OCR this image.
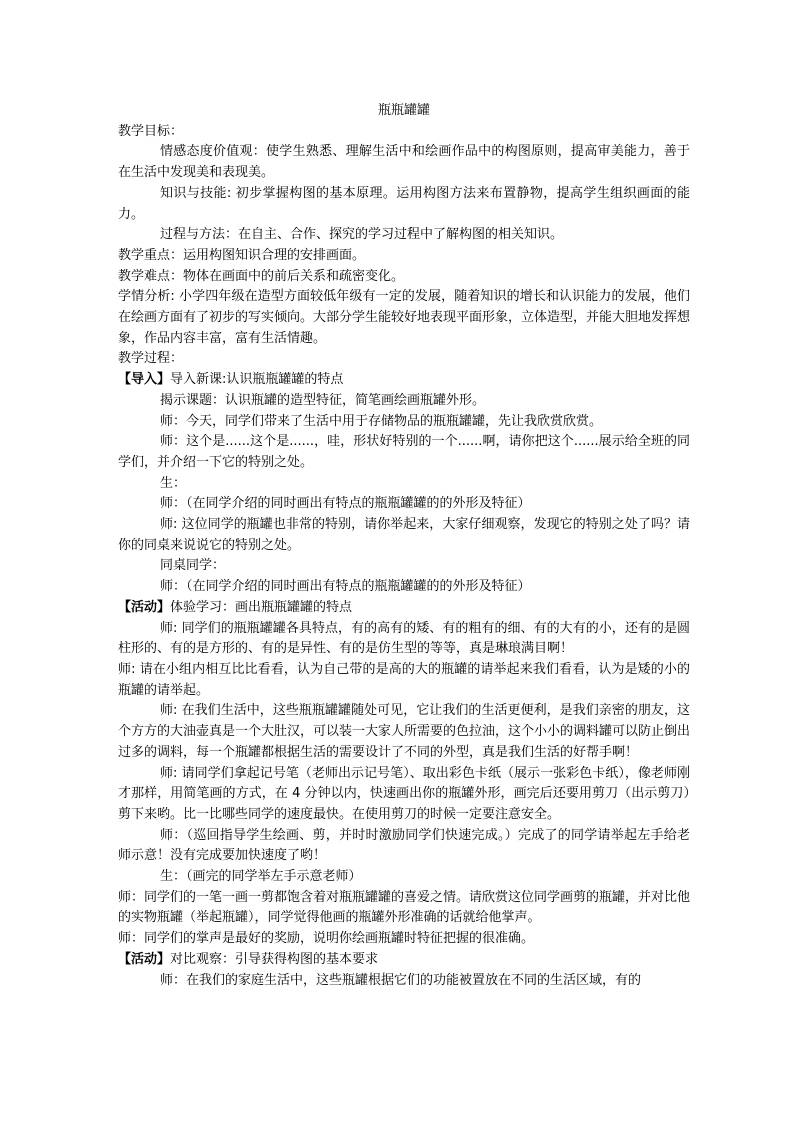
瓶瓶罐罐

教学目标：

情感态度价值观：使学生熟悉、理解生活中和绘画作品中的构图原则，提高审美能力，善于在生活中发现美和表现美。

知识与技能: 初步掌握构图的基本原理。运用构图方法来布置静物，提高学生组织画面的能力。

过程与方法：在自主、合作、探究的学习过程中了解构图的相关知识。

教学重点：运用构图知识合理的安排画面。

教学难点：物体在画面中的前后关系和疏密变化。

学情分析: 小学四年级在造型方面较低年级有一定的发展，随着知识的增长和认识能力的发展，他们在绘画方面有了初步的写实倾向。大部分学生能较好地表现平面形象，立体造型，并能大胆地发挥想象，作品内容丰富，富有生活情趣。

教学过程：

【导入】导入新课:认识瓶瓶罐罐的特点

揭示课题：认识瓶罐的造型特征，简笔画绘画瓶罐外形。

师：今天，同学们带来了生活中用于存储物品的瓶瓶罐罐，先让我欣赏欣赏。

师：这个是......这个是......，哇，形状好特别的一个......啊，请你把这个......展示给全班的同学们，并介绍一下它的特别之处。

生：

师：（在同学介绍的同时画出有特点的瓶瓶罐罐的的外形及特征）

师: 这位同学的瓶罐也非常的特别，请你举起来，大家仔细观察，发现它的特别之处了吗？请你的同桌来说说它的特别之处。

同桌同学：

师：（在同学介绍的同时画出有特点的瓶瓶罐罐的的外形及特征）

【活动】体验学习：画出瓶瓶罐罐的特点

师: 同学们的瓶瓶罐罐各具特点，有的高有的矮、有的粗有的细、有的大有的小，还有的是圆柱形的、有的是方形的、有的是异性、有的是仿生型的等等，真是琳琅满目啊！

师: 请在小组内相互比比看看，认为自己带的是高的大的瓶罐的请举起来我们看看，认为是矮的小的瓶罐的请举起。

师: 在我们生活中，这些瓶瓶罐罐随处可见，它让我们的生活更便利，是我们亲密的朋友，这个方方的大油壶真是一个大肚汉，可以装一大家人所需要的色拉油，这个小小的调料罐可以防止倒出过多的调料，每一个瓶罐都根据生活的需要设计了不同的外型，真是我们生活的好帮手啊！

师: 请同学们拿起记号笔（老师出示记号笔）、取出彩色卡纸（展示一张彩色卡纸），像老师刚才那样，用简笔画的方式，在 4 分钟以内，快速画出你的瓶罐外形，画完后还要用剪刀（出示剪刀）剪下来哟。比一比哪些同学的速度最快。在使用剪刀的时候一定要注意安全。

师：（巡回指导学生绘画、剪，并时时激励同学们快速完成。）完成了的同学请举起左手给老师示意！没有完成要加快速度了哟！

生：（画完的同学举左手示意老师）

师：同学们的一笔一画一剪都饱含着对瓶瓶罐罐的喜爱之情。请欣赏这位同学画剪的瓶罐，并对比他的实物瓶罐（举起瓶罐），同学觉得他画的瓶罐外形准确的话就给他掌声。

师：同学们的掌声是最好的奖励，说明你绘画瓶罐时特征把握的很准确。

【活动】对比观察：引导获得构图的基本要求

师：在我们的家庭生活中，这些瓶罐根据它们的功能被置放在不同的生活区域，有的
